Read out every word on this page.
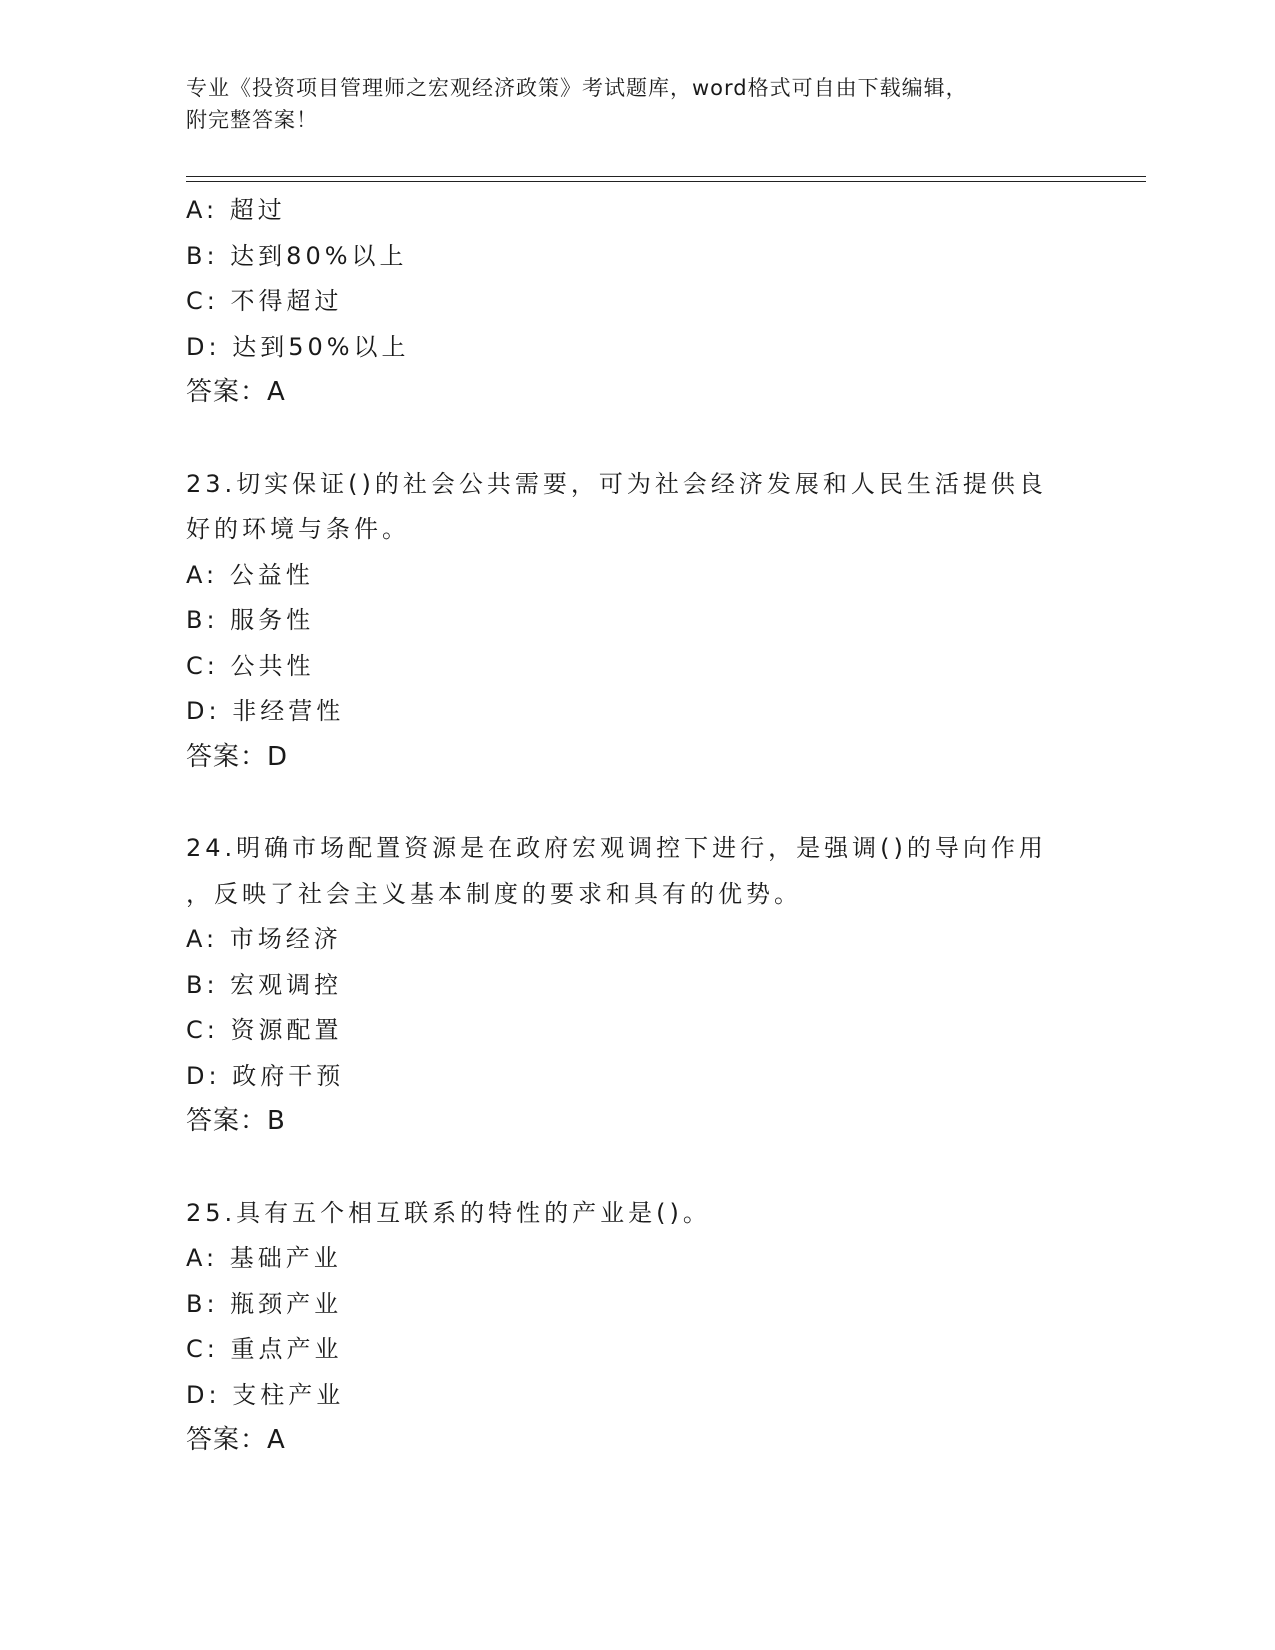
专业《投资项目管理师之宏观经济政策》考试题库，word格式可自由下载编辑，
附完整答案！
A: 超过
B: 达到80%以上
C: 不得超过
D: 达到50%以上
答案：A
23.切实保证()的社会公共需要，可为社会经济发展和人民生活提供良
好的环境与条件。
A: 公益性
B: 服务性
C: 公共性
D: 非经营性
答案：D
24.明确市场配置资源是在政府宏观调控下进行，是强调()的导向作用
，反映了社会主义基本制度的要求和具有的优势。
A: 市场经济
B: 宏观调控
C: 资源配置
D: 政府干预
答案：B
25.具有五个相互联系的特性的产业是()。
A: 基础产业
B: 瓶颈产业
C: 重点产业
D: 支柱产业
答案：A
